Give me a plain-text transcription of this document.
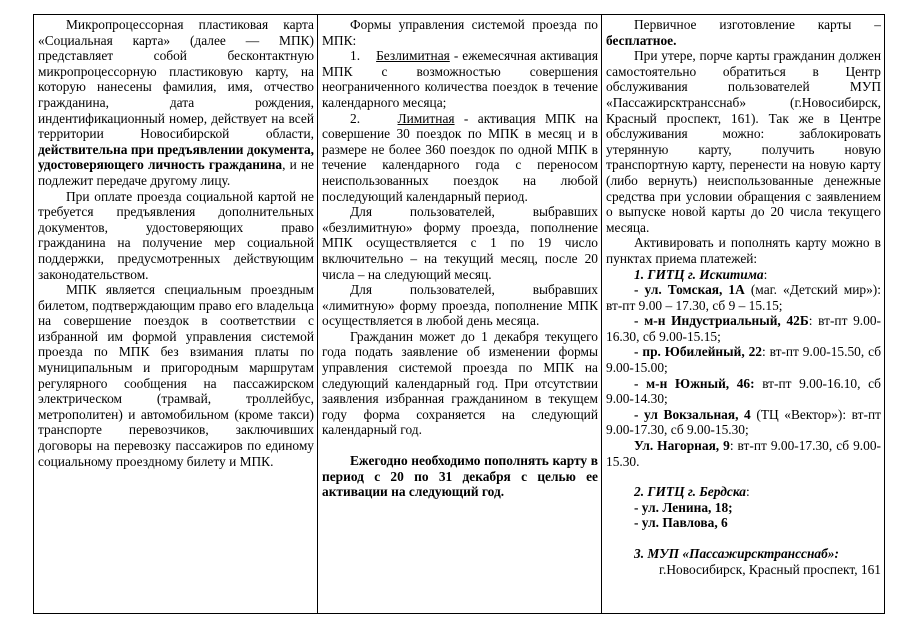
Микропроцессорная пластиковая карта «Социальная карта» (далее — МПК) представляет собой бесконтактную микропроцессорную пластиковую карту, на которую нанесены фамилия, имя, отчество гражданина, дата рождения, индентификационный номер, действует на всей территории Новосибирской области, действительна при предъявлении документа, удостоверяющего личность гражданина, и не подлежит передаче другому лицу.

При оплате проезда социальной картой не требуется предъявления дополнительных документов, удостоверяющих право гражданина на получение мер социальной поддержки, предусмотренных действующим законодательством.

МПК является специальным проездным билетом, подтверждающим право его владельца на совершение поездок в соответствии с избранной им формой управления системой проезда по МПК без взимания платы по муниципальным и пригородным маршрутам регулярного сообщения на пассажирском электрическом (трамвай, троллейбус, метрополитен) и автомобильном (кроме такси) транспорте перевозчиков, заключивших договоры на перевозку пассажиров по единому социальному проездному билету и МПК.

Формы управления системой проезда по МПК:

1. Безлимитная - ежемесячная активация МПК с возможностью совершения неограниченного количества поездок в течение календарного месяца;

2.	Лимитная - активация МПК на совершение 30 поездок по МПК в месяц и в размере не более 360 поездок по одной МПК в течение календарного года с переносом неиспользованных поездок на любой последующий календарный период.

Для пользователей, выбравших «безлимитную» форму проезда, пополнение МПК осуществляется с 1 по 19 число включительно – на текущий месяц, после 20 числа – на следующий месяц.

Для пользователей, выбравших «лимитную» форму проезда, пополнение МПК осуществляется в любой день месяца.

Гражданин может до 1 декабря текущего года подать заявление об изменении формы управления системой проезда по МПК на следующий календарный год. При отсутствии заявления избранная гражданином в текущем году форма сохраняется на следующий календарный год.

Ежегодно необходимо пополнять карту в период с 20 по 31 декабря с целью ее активации на следующий год.

Первичное изготовление карты – бесплатное.

При утере, порче карты гражданин должен самостоятельно обратиться в Центр обслуживания пользователей МУП «Пассажирсктрансснаб» (г.Новосибирск, Красный проспект, 161). Так же в Центре обслуживания можно: заблокировать утерянную карту, получить новую транспортную карту, перенести на новую карту (либо вернуть) неиспользованные денежные средства при условии обращения с заявлением о выпуске новой карты до 20 числа текущего месяца.

Активировать и пополнять карту можно в пунктах приема платежей:

1. ГИТЦ г. Искитима:

- ул. Томская, 1А (маг. «Детский мир»): вт-пт 9.00 – 17.30, сб 9 – 15.15;

- м-н Индустриальный, 42Б: вт-пт 9.00-16.30, сб 9.00-15.15;

- пр. Юбилейный, 22: вт-пт 9.00-15.50, сб 9.00-15.00;

- м-н Южный, 46: вт-пт 9.00-16.10, сб 9.00-14.30;

- ул Вокзальная, 4 (ТЦ «Вектор»): вт-пт 9.00-17.30, сб 9.00-15.30;

Ул. Нагорная, 9: вт-пт 9.00-17.30, сб 9.00-15.30.

2. ГИТЦ г. Бердска:

- ул. Ленина, 18;

- ул. Павлова, 6

3. МУП «Пассажирсктрансснаб»:

г.Новосибирск, Красный проспект, 161
